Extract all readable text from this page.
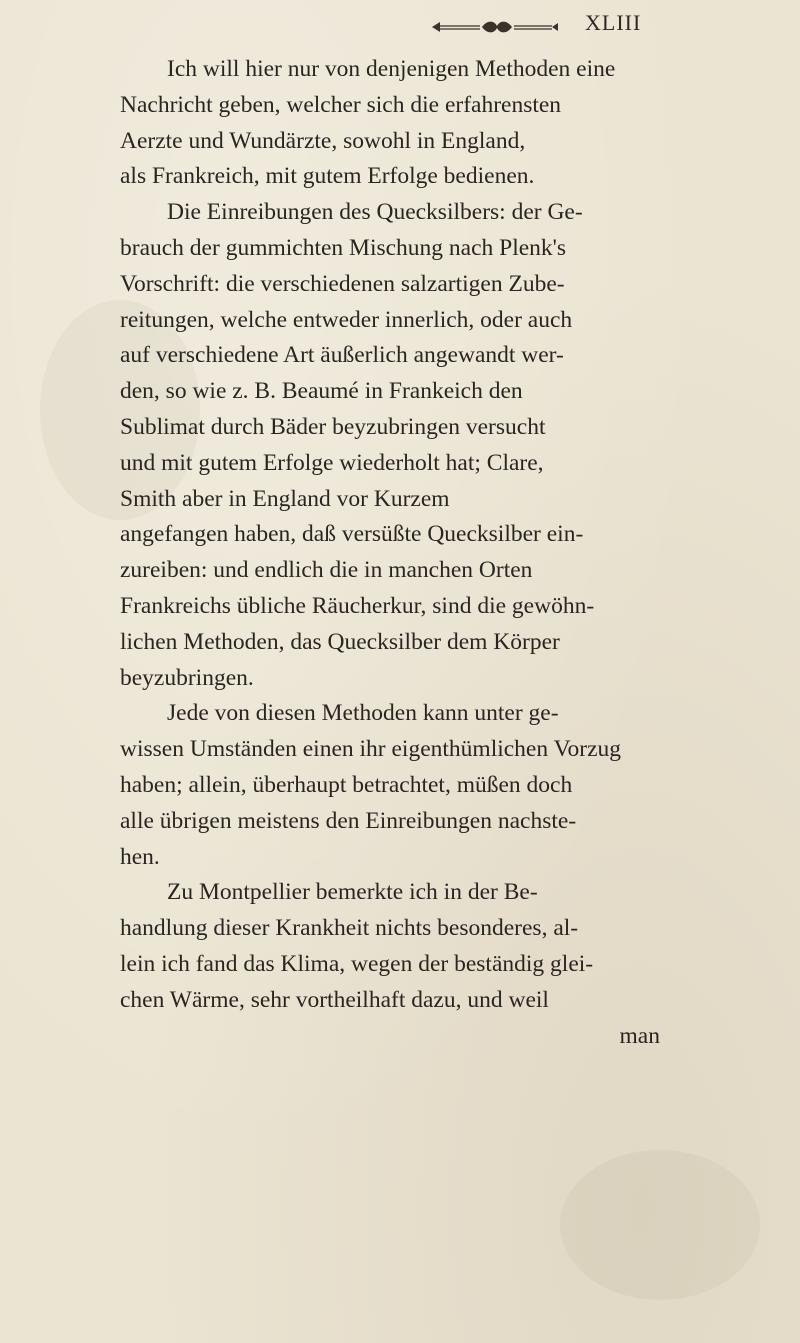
XLIII
Ich will hier nur von denjenigen Methoden eine
Nachricht geben, welcher sich die erfahrensten
Aerzte und Wundärzte, sowohl in England,
als Frankreich, mit gutem Erfolge bedienen.
Die Einreibungen des Quecksilbers: der Ge-
brauch der gummichten Mischung nach Plenk's
Vorschrift: die verschiedenen salzartigen Zube-
reitungen, welche entweder innerlich, oder auch
auf verschiedene Art äußerlich angewandt wer-
den, so wie z. B. Beaumé in Frankeich den
Sublimat durch Bäder beyzubringen versucht
und mit gutem Erfolge wiederholt hat; Clare,
Smith aber in England vor Kurzem
angefangen haben, daß versüßte Quecksilber ein-
zureiben: und endlich die in manchen Orten
Frankreichs übliche Räucherkur, sind die gewöhn-
lichen Methoden, das Quecksilber dem Körper
beyzubringen.
Jede von diesen Methoden kann unter ge-
wissen Umständen einen ihr eigenthümlichen Vorzug
haben; allein, überhaupt betrachtet, müßen doch
alle übrigen meistens den Einreibungen nachste-
hen.
Zu Montpellier bemerkte ich in der Be-
handlung dieser Krankheit nichts besonderes, al-
lein ich fand das Klima, wegen der beständig glei-
chen Wärme, sehr vortheilhaft dazu, und weil
man
